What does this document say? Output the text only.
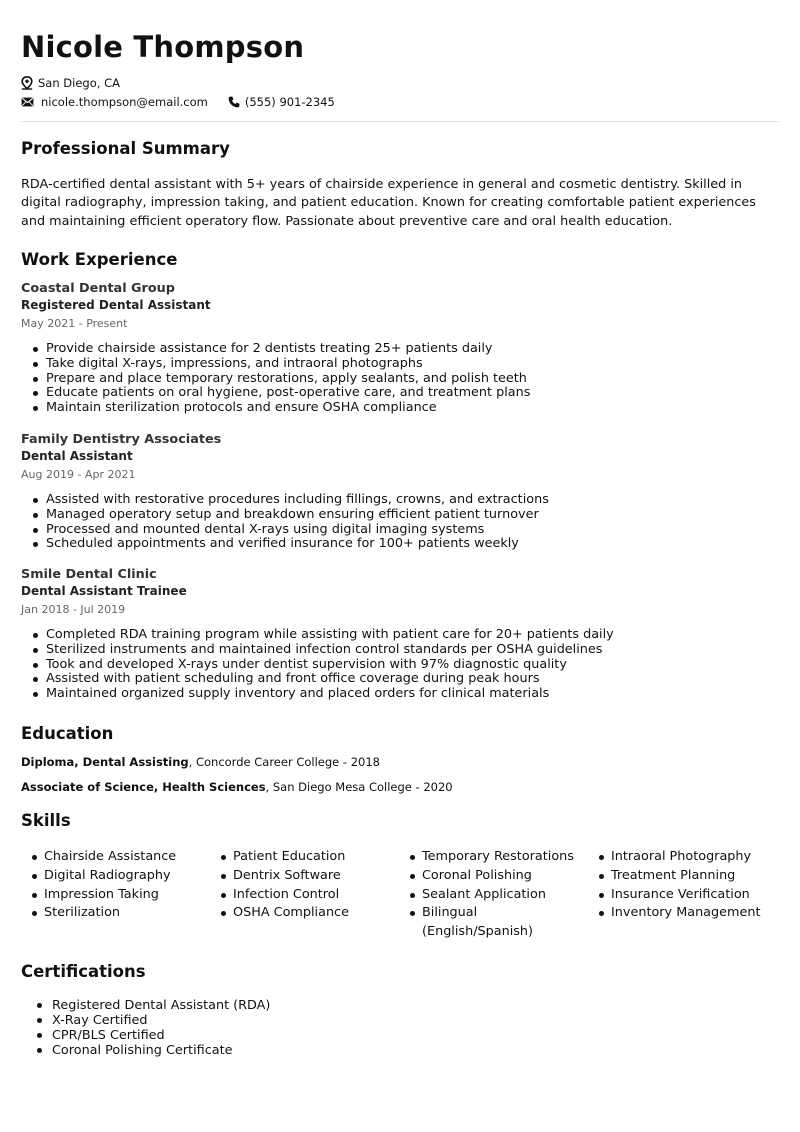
Nicole Thompson
San Diego, CA
nicole.thompson@email.com	(555) 901-2345
Professional Summary
RDA-certified dental assistant with 5+ years of chairside experience in general and cosmetic dentistry. Skilled in digital radiography, impression taking, and patient education. Known for creating comfortable patient experiences and maintaining efficient operatory flow. Passionate about preventive care and oral health education.
Work Experience
Coastal Dental Group
Registered Dental Assistant
May 2021 - Present
Provide chairside assistance for 2 dentists treating 25+ patients daily
Take digital X-rays, impressions, and intraoral photographs
Prepare and place temporary restorations, apply sealants, and polish teeth
Educate patients on oral hygiene, post-operative care, and treatment plans
Maintain sterilization protocols and ensure OSHA compliance
Family Dentistry Associates
Dental Assistant
Aug 2019 - Apr 2021
Assisted with restorative procedures including fillings, crowns, and extractions
Managed operatory setup and breakdown ensuring efficient patient turnover
Processed and mounted dental X-rays using digital imaging systems
Scheduled appointments and verified insurance for 100+ patients weekly
Smile Dental Clinic
Dental Assistant Trainee
Jan 2018 - Jul 2019
Completed RDA training program while assisting with patient care for 20+ patients daily
Sterilized instruments and maintained infection control standards per OSHA guidelines
Took and developed X-rays under dentist supervision with 97% diagnostic quality
Assisted with patient scheduling and front office coverage during peak hours
Maintained organized supply inventory and placed orders for clinical materials
Education
Diploma, Dental Assisting, Concorde Career College - 2018
Associate of Science, Health Sciences, San Diego Mesa College - 2020
Skills
Chairside Assistance
Digital Radiography
Impression Taking
Sterilization
Patient Education
Dentrix Software
Infection Control
OSHA Compliance
Temporary Restorations
Coronal Polishing
Sealant Application
Bilingual (English/Spanish)
Intraoral Photography
Treatment Planning
Insurance Verification
Inventory Management
Certifications
Registered Dental Assistant (RDA)
X-Ray Certified
CPR/BLS Certified
Coronal Polishing Certificate
